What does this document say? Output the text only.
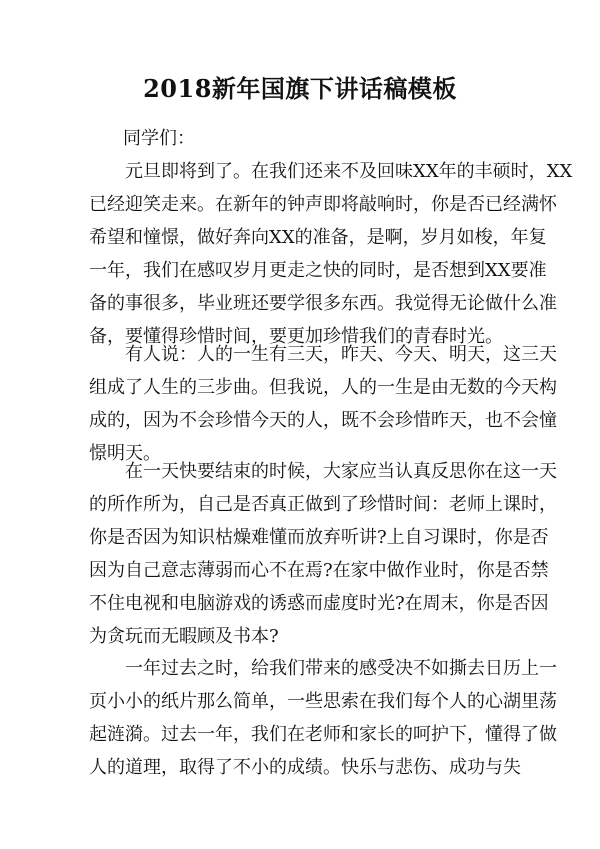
2018新年国旗下讲话稿模板
同学们：
　　元旦即将到了。在我们还来不及回味XX年的丰硕时，XX
已经迎笑走来。在新年的钟声即将敲响时，你是否已经满怀
希望和憧憬，做好奔向XX的准备，是啊，岁月如梭，年复
一年，我们在感叹岁月更走之快的同时，是否想到XX要准
备的事很多，毕业班还要学很多东西。我觉得无论做什么准
备，要懂得珍惜时间，要更加珍惜我们的青春时光。
　　有人说：人的一生有三天，昨天、今天、明天，这三天
组成了人生的三步曲。但我说，人的一生是由无数的今天构
成的，因为不会珍惜今天的人，既不会珍惜昨天，也不会憧
憬明天。
　　在一天快要结束的时候，大家应当认真反思你在这一天
的所作所为，自己是否真正做到了珍惜时间：老师上课时，
你是否因为知识枯燥难懂而放弃听讲?上自习课时，你是否
因为自己意志薄弱而心不在焉?在家中做作业时，你是否禁
不住电视和电脑游戏的诱惑而虚度时光?在周末，你是否因
为贪玩而无暇顾及书本?
　　一年过去之时，给我们带来的感受决不如撕去日历上一
页小小的纸片那么简单，一些思索在我们每个人的心湖里荡
起涟漪。过去一年，我们在老师和家长的呵护下，懂得了做
人的道理，取得了不小的成绩。快乐与悲伤、成功与失
